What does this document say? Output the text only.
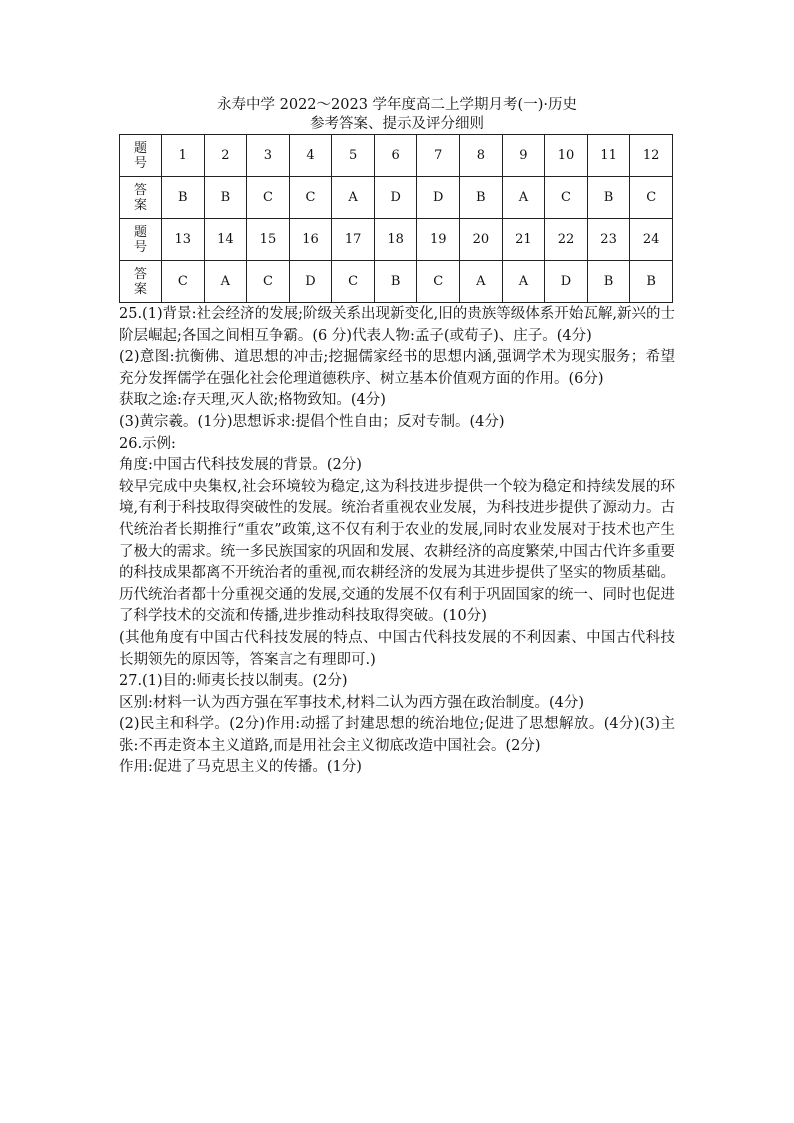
永寿中学 2022～2023 学年度高二上学期月考(一)·历史
参考答案、提示及评分细则
题
号	1	2	3	4	5	6	7	8	9	10	11	12

答
案	B	B	C	C	A	D	D	B	A	C	B	C

题
号	13	14	15	16	17	18	19	20	21	22	23	24

答
案	C	A	C	D	C	B	C	A	A	D	B	B

25.(1)背景:社会经济的发展;阶级关系出现新变化,旧的贵族等级体系开始瓦解,新兴的士阶层崛起;各国之间相互争霸。(6 分)代表人物:孟子(或荀子)、庄子。(4分)

(2)意图:抗衡佛、道思想的冲击;挖掘儒家经书的思想内涵,强调学术为现实服务；希望充分发挥儒学在强化社会伦理道德秩序、树立基本价值观方面的作用。(6分)

获取之途:存天理,灭人欲;格物致知。(4分)

(3)黄宗羲。(1分)思想诉求:提倡个性自由；反对专制。(4分)

26.示例:

角度:中国古代科技发展的背景。(2分)

较早完成中央集权,社会环境较为稳定,这为科技进步提供一个较为稳定和持续发展的环境,有利于科技取得突破性的发展。统治者重视农业发展，为科技进步提供了源动力。古代统治者长期推行“重农”政策,这不仅有利于农业的发展,同时农业发展对于技术也产生了极大的需求。统一多民族国家的巩固和发展、农耕经济的高度繁荣,中国古代许多重要的科技成果都离不开统治者的重视,而农耕经济的发展为其进步提供了坚实的物质基础。历代统治者都十分重视交通的发展,交通的发展不仅有利于巩固国家的统一、同时也促进了科学技术的交流和传播,进步推动科技取得突破。(10分)

(其他角度有中国古代科技发展的特点、中国古代科技发展的不利因素、中国古代科技长期领先的原因等，答案言之有理即可.)

27.(1)目的:师夷长技以制夷。(2分)

区别:材料一认为西方强在军事技术,材料二认为西方强在政治制度。(4分)

(2)民主和科学。(2分)作用:动摇了封建思想的统治地位;促进了思想解放。(4分)(3)主张:不再走资本主义道路,而是用社会主义彻底改造中国社会。(2分)

作用:促进了马克思主义的传播。(1分)
